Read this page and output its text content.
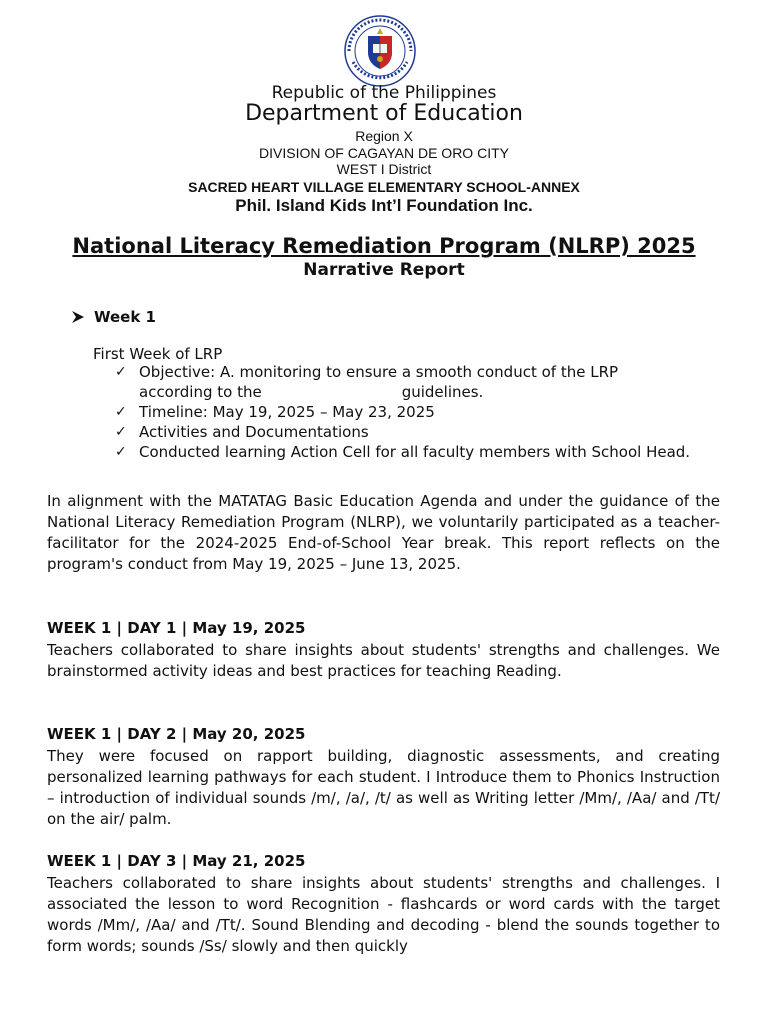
Republic of the Philippines
Department of Education
Region X
DIVISION OF CAGAYAN DE ORO CITY
WEST I District
SACRED HEART VILLAGE ELEMENTARY SCHOOL-ANNEX
Phil. Island Kids Int’l Foundation Inc.
National Literacy Remediation Program (NLRP) 2025
Narrative Report
Week 1
First Week of LRP
✓ Objective: A. monitoring to ensure a smooth conduct of the LRP
according to the	guidelines.
✓ Timeline: May 19, 2025 – May 23, 2025
✓ Activities and Documentations
✓ Conducted learning Action Cell for all faculty members with School Head.
In alignment with the MATATAG Basic Education Agenda and under the guidance of the National Literacy Remediation Program (NLRP), we voluntarily participated as a teacher-facilitator for the 2024-2025 End-of-School Year break. This report reflects on the program's conduct from May 19, 2025 – June 13, 2025.
WEEK 1 | DAY 1 | May 19, 2025
Teachers collaborated to share insights about students' strengths and challenges. We brainstormed activity ideas and best practices for teaching Reading.
WEEK 1 | DAY 2 | May 20, 2025
They were focused on rapport building, diagnostic assessments, and creating personalized learning pathways for each student. I Introduce them to Phonics Instruction – introduction of individual sounds /m/, /a/, /t/ as well as Writing letter /Mm/, /Aa/ and /Tt/ on the air/ palm.
WEEK 1 | DAY 3 | May 21, 2025
Teachers collaborated to share insights about students' strengths and challenges. I associated the lesson to word Recognition - flashcards or word cards with the target words /Mm/, /Aa/ and /Tt/. Sound Blending and decoding - blend the sounds together to form words; sounds /Ss/ slowly and then quickly
